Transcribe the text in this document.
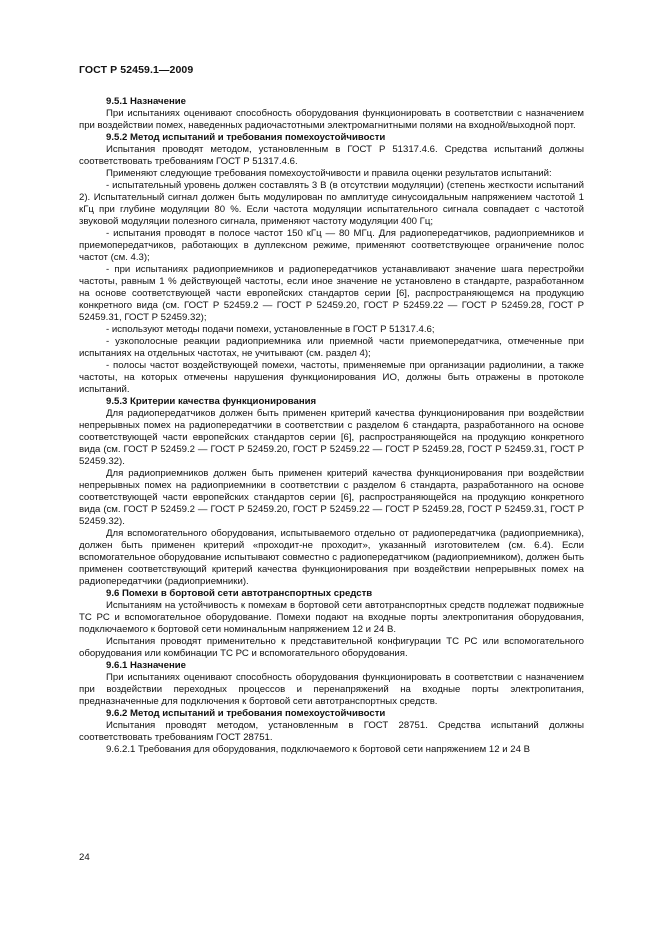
ГОСТ Р 52459.1—2009

9.5.1 Назначение

При испытаниях оценивают способность оборудования функционировать в соответствии с назначением при воздействии помех, наведенных радиочастотными электромагнитными полями на входной/выходной порт.

9.5.2 Метод испытаний и требования помехоустойчивости

Испытания проводят методом, установленным в ГОСТ Р 51317.4.6. Средства испытаний должны соответствовать требованиям ГОСТ Р 51317.4.6.

Применяют следующие требования помехоустойчивости и правила оценки результатов испытаний:

- испытательный уровень должен составлять 3 В (в отсутствии модуляции) (степень жесткости испытаний 2). Испытательный сигнал должен быть модулирован по амплитуде синусоидальным напряжением частотой 1 кГц при глубине модуляции 80 %. Если частота модуляции испытательного сигнала совпадает с частотой звуковой модуляции полезного сигнала, применяют частоту модуляции 400 Гц;

- испытания проводят в полосе частот 150 кГц — 80 МГц. Для радиопередатчиков, радиоприемников и приемопередатчиков, работающих в дуплексном режиме, применяют соответствующее ограничение полос частот (см. 4.3);

- при испытаниях радиоприемников и радиопередатчиков устанавливают значение шага перестройки частоты, равным 1 % действующей частоты, если иное значение не установлено в стандарте, разработанном на основе соответствующей части европейских стандартов серии [6], распространяющемся на продукцию конкретного вида (см. ГОСТ Р 52459.2 — ГОСТ Р 52459.20, ГОСТ Р 52459.22 — ГОСТ Р 52459.28, ГОСТ Р 52459.31, ГОСТ Р 52459.32);

- используют методы подачи помехи, установленные в ГОСТ Р 51317.4.6;

- узкополосные реакции радиоприемника или приемной части приемопередатчика, отмеченные при испытаниях на отдельных частотах, не учитывают (см. раздел 4);

- полосы частот воздействующей помехи, частоты, применяемые при организации радиолинии, а также частоты, на которых отмечены нарушения функционирования ИО, должны быть отражены в протоколе испытаний.

9.5.3 Критерии качества функционирования

Для радиопередатчиков должен быть применен критерий качества функционирования при воздействии непрерывных помех на радиопередатчики в соответствии с разделом 6 стандарта, разработанного на основе соответствующей части европейских стандартов серии [6], распространяющейся на продукцию конкретного вида (см. ГОСТ Р 52459.2 — ГОСТ Р 52459.20, ГОСТ Р 52459.22 — ГОСТ Р 52459.28, ГОСТ Р 52459.31, ГОСТ Р 52459.32).

Для радиоприемников должен быть применен критерий качества функционирования при воздействии непрерывных помех на радиоприемники в соответствии с разделом 6 стандарта, разработанного на основе соответствующей части европейских стандартов серии [6], распространяющейся на продукцию конкретного вида (см. ГОСТ Р 52459.2 — ГОСТ Р 52459.20, ГОСТ Р 52459.22 — ГОСТ Р 52459.28, ГОСТ Р 52459.31, ГОСТ Р 52459.32).

Для вспомогательного оборудования, испытываемого отдельно от радиопередатчика (радиоприемника), должен быть применен критерий «проходит-не проходит», указанный изготовителем (см. 6.4). Если вспомогательное оборудование испытывают совместно с радиопередатчиком (радиоприемником), должен быть применен соответствующий критерий качества функционирования при воздействии непрерывных помех на радиопередатчики (радиоприемники).

9.6 Помехи в бортовой сети автотранспортных средств

Испытаниям на устойчивость к помехам в бортовой сети автотранспортных средств подлежат подвижные ТС РС и вспомогательное оборудование. Помехи подают на входные порты электропитания оборудования, подключаемого к бортовой сети номинальным напряжением 12 и 24 В.

Испытания проводят применительно к представительной конфигурации ТС РС или вспомогательного оборудования или комбинации ТС РС и вспомогательного оборудования.

9.6.1 Назначение

При испытаниях оценивают способность оборудования функционировать в соответствии с назначением при воздействии переходных процессов и перенапряжений на входные порты электропитания, предназначенные для подключения к бортовой сети автотранспортных средств.

9.6.2 Метод испытаний и требования помехоустойчивости

Испытания проводят методом, установленным в ГОСТ 28751. Средства испытаний должны соответствовать требованиям ГОСТ 28751.

9.6.2.1 Требования для оборудования, подключаемого к бортовой сети напряжением 12 и 24 В

24
